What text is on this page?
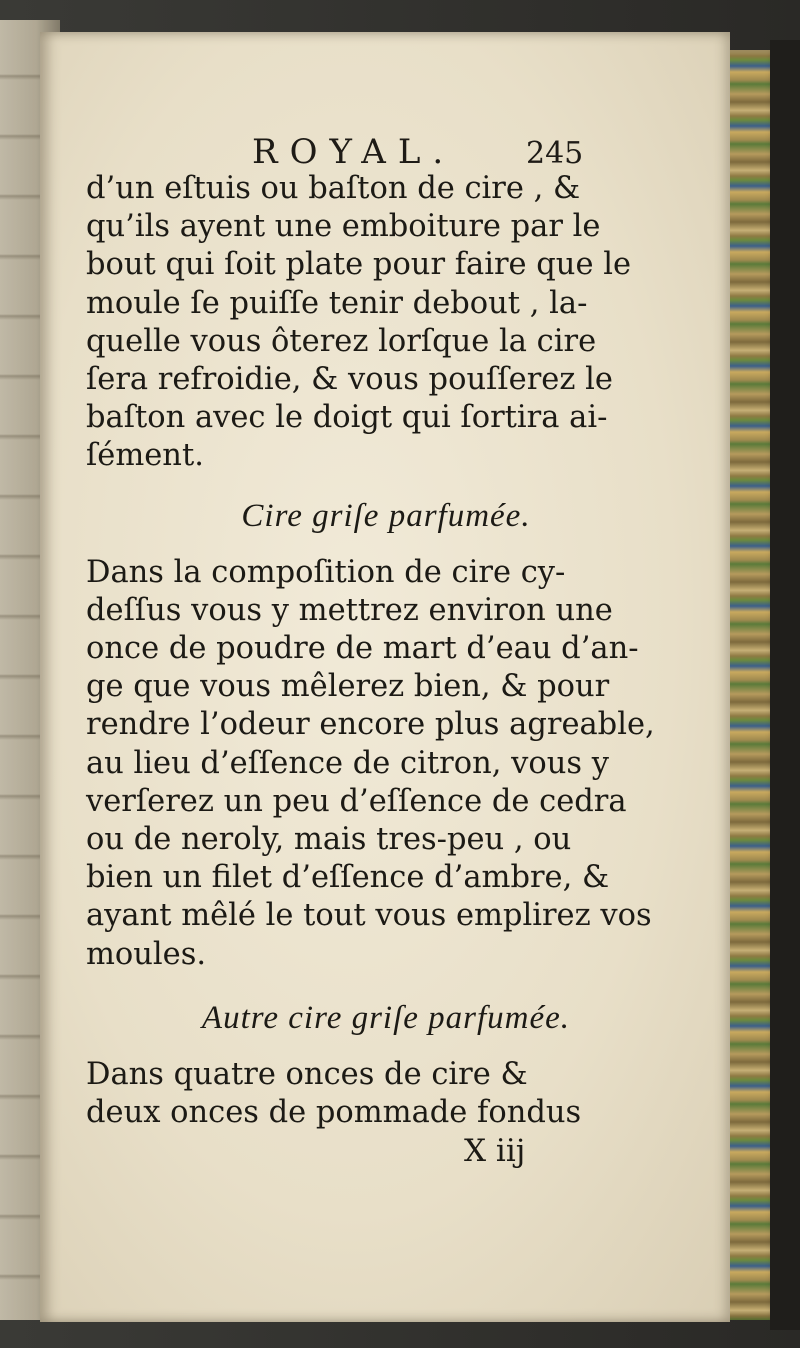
ROYAL. 245
d’un eſtuis ou baſton de cire , &
qu’ils ayent une emboiture par le
bout qui ſoit plate pour faire que le
moule ſe puiſſe tenir debout , la-
quelle vous ôterez lorſque la cire
ſera refroidie, & vous pouſſerez le
baſton avec le doigt qui ſortira ai-
ſément.
Cire griſe parfumée.
Dans la compoſition de cire cy-
deſſus vous y mettrez environ une
once de poudre de mart d’eau d’an-
ge que vous mêlerez bien, & pour
rendre l’odeur encore plus agreable,
au lieu d’eſſence de citron, vous y
verſerez un peu d’eſſence de cedra
ou de neroly, mais tres-peu , ou
bien un filet d’eſſence d’ambre, &
ayant mêlé le tout vous emplirez vos
moules.
Autre cire griſe parfumée.
Dans quatre onces de cire &
deux onces de pommade fondus
X iij
